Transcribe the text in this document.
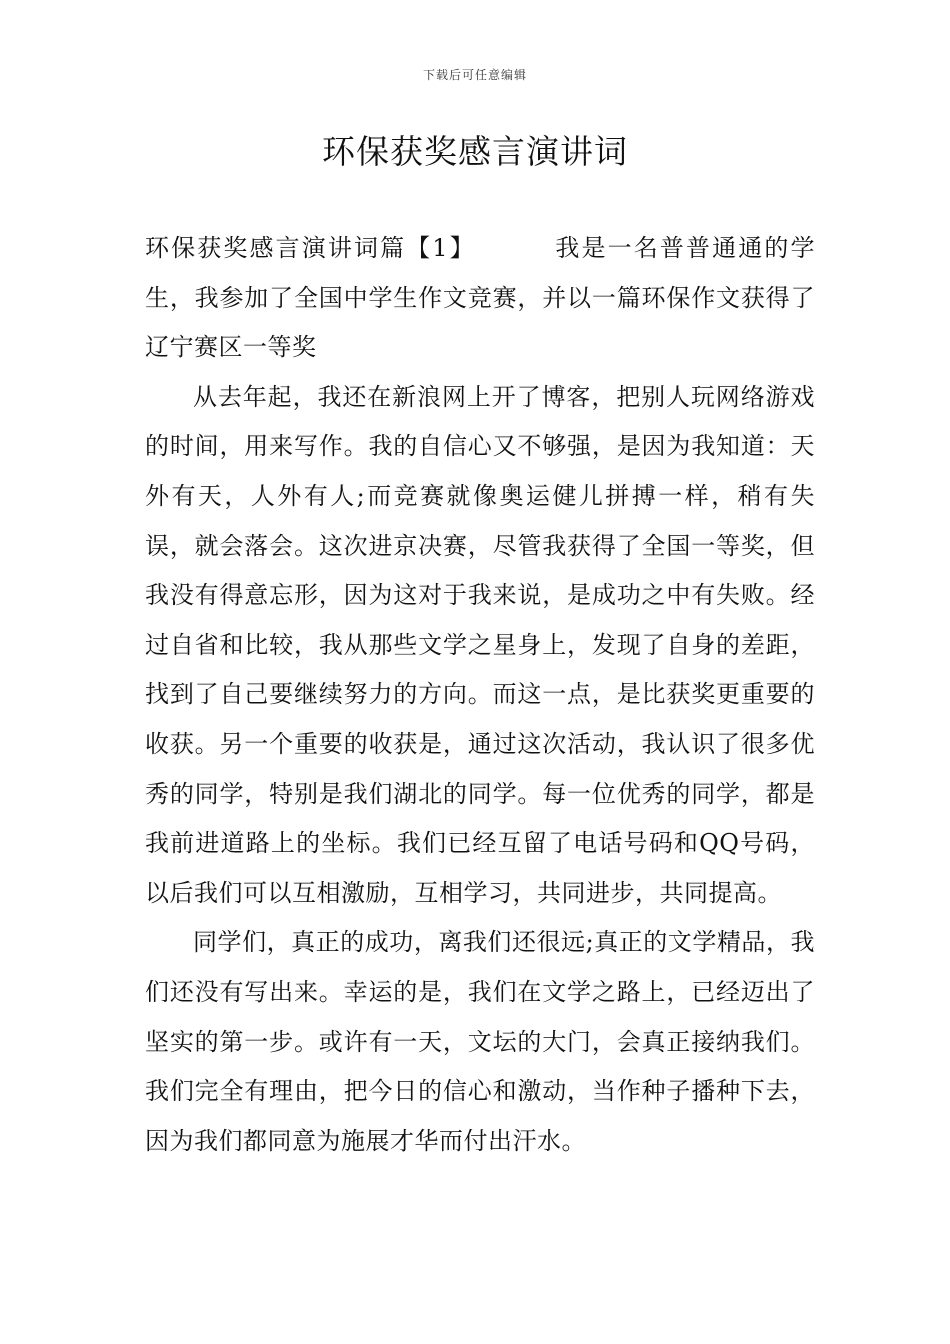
下载后可任意编辑
环保获奖感言演讲词

环保获奖感言演讲词篇【1】	我是一名普普通通的学生，我参加了全国中学生作文竞赛，并以一篇环保作文获得了辽宁赛区一等奖

从去年起，我还在新浪网上开了博客，把别人玩网络游戏的时间，用来写作。我的自信心又不够强，是因为我知道：天外有天，人外有人;而竞赛就像奥运健儿拼搏一样，稍有失误，就会落会。这次进京决赛，尽管我获得了全国一等奖，但我没有得意忘形，因为这对于我来说，是成功之中有失败。经过自省和比较，我从那些文学之星身上，发现了自身的差距，找到了自己要继续努力的方向。而这一点，是比获奖更重要的收获。另一个重要的收获是，通过这次活动，我认识了很多优秀的同学，特别是我们湖北的同学。每一位优秀的同学，都是我前进道路上的坐标。我们已经互留了电话号码和QQ号码，以后我们可以互相激励，互相学习，共同进步，共同提高。

同学们，真正的成功，离我们还很远;真正的文学精品，我们还没有写出来。幸运的是，我们在文学之路上，已经迈出了坚实的第一步。或许有一天，文坛的大门，会真正接纳我们。我们完全有理由，把今日的信心和激动，当作种子播种下去，因为我们都同意为施展才华而付出汗水。
